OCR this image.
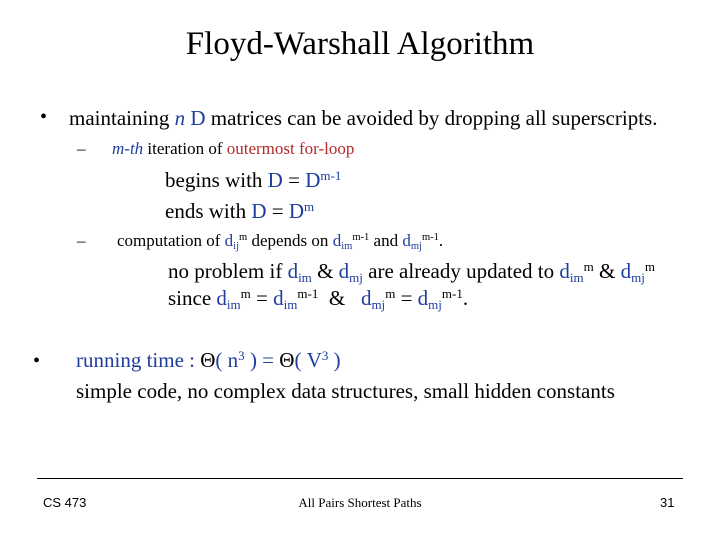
Floyd-Warshall Algorithm
• maintaining n D matrices can be avoided by dropping all superscripts.
– m-th iteration of outermost for-loop
begins with $D = D^{m-1}$
ends with $D = D^m$
– computation of $d_{ij}^m$ depends on $d_{im}^{m-1}$ and $d_{mj}^{m-1}$.
no problem if $d_{im}$ & $d_{mj}$ are already updated to $d_{im}^m$ & $d_{mj}^m$
since $d_{im}^m = d_{im}^{m-1}$  &   $d_{mj}^m = d_{mj}^{m-1}$.
• running time : Θ( $n^3$ ) = Θ( $V^3$ )
simple code, no complex data structures, small hidden constants
CS 473	All Pairs Shortest Paths	31
